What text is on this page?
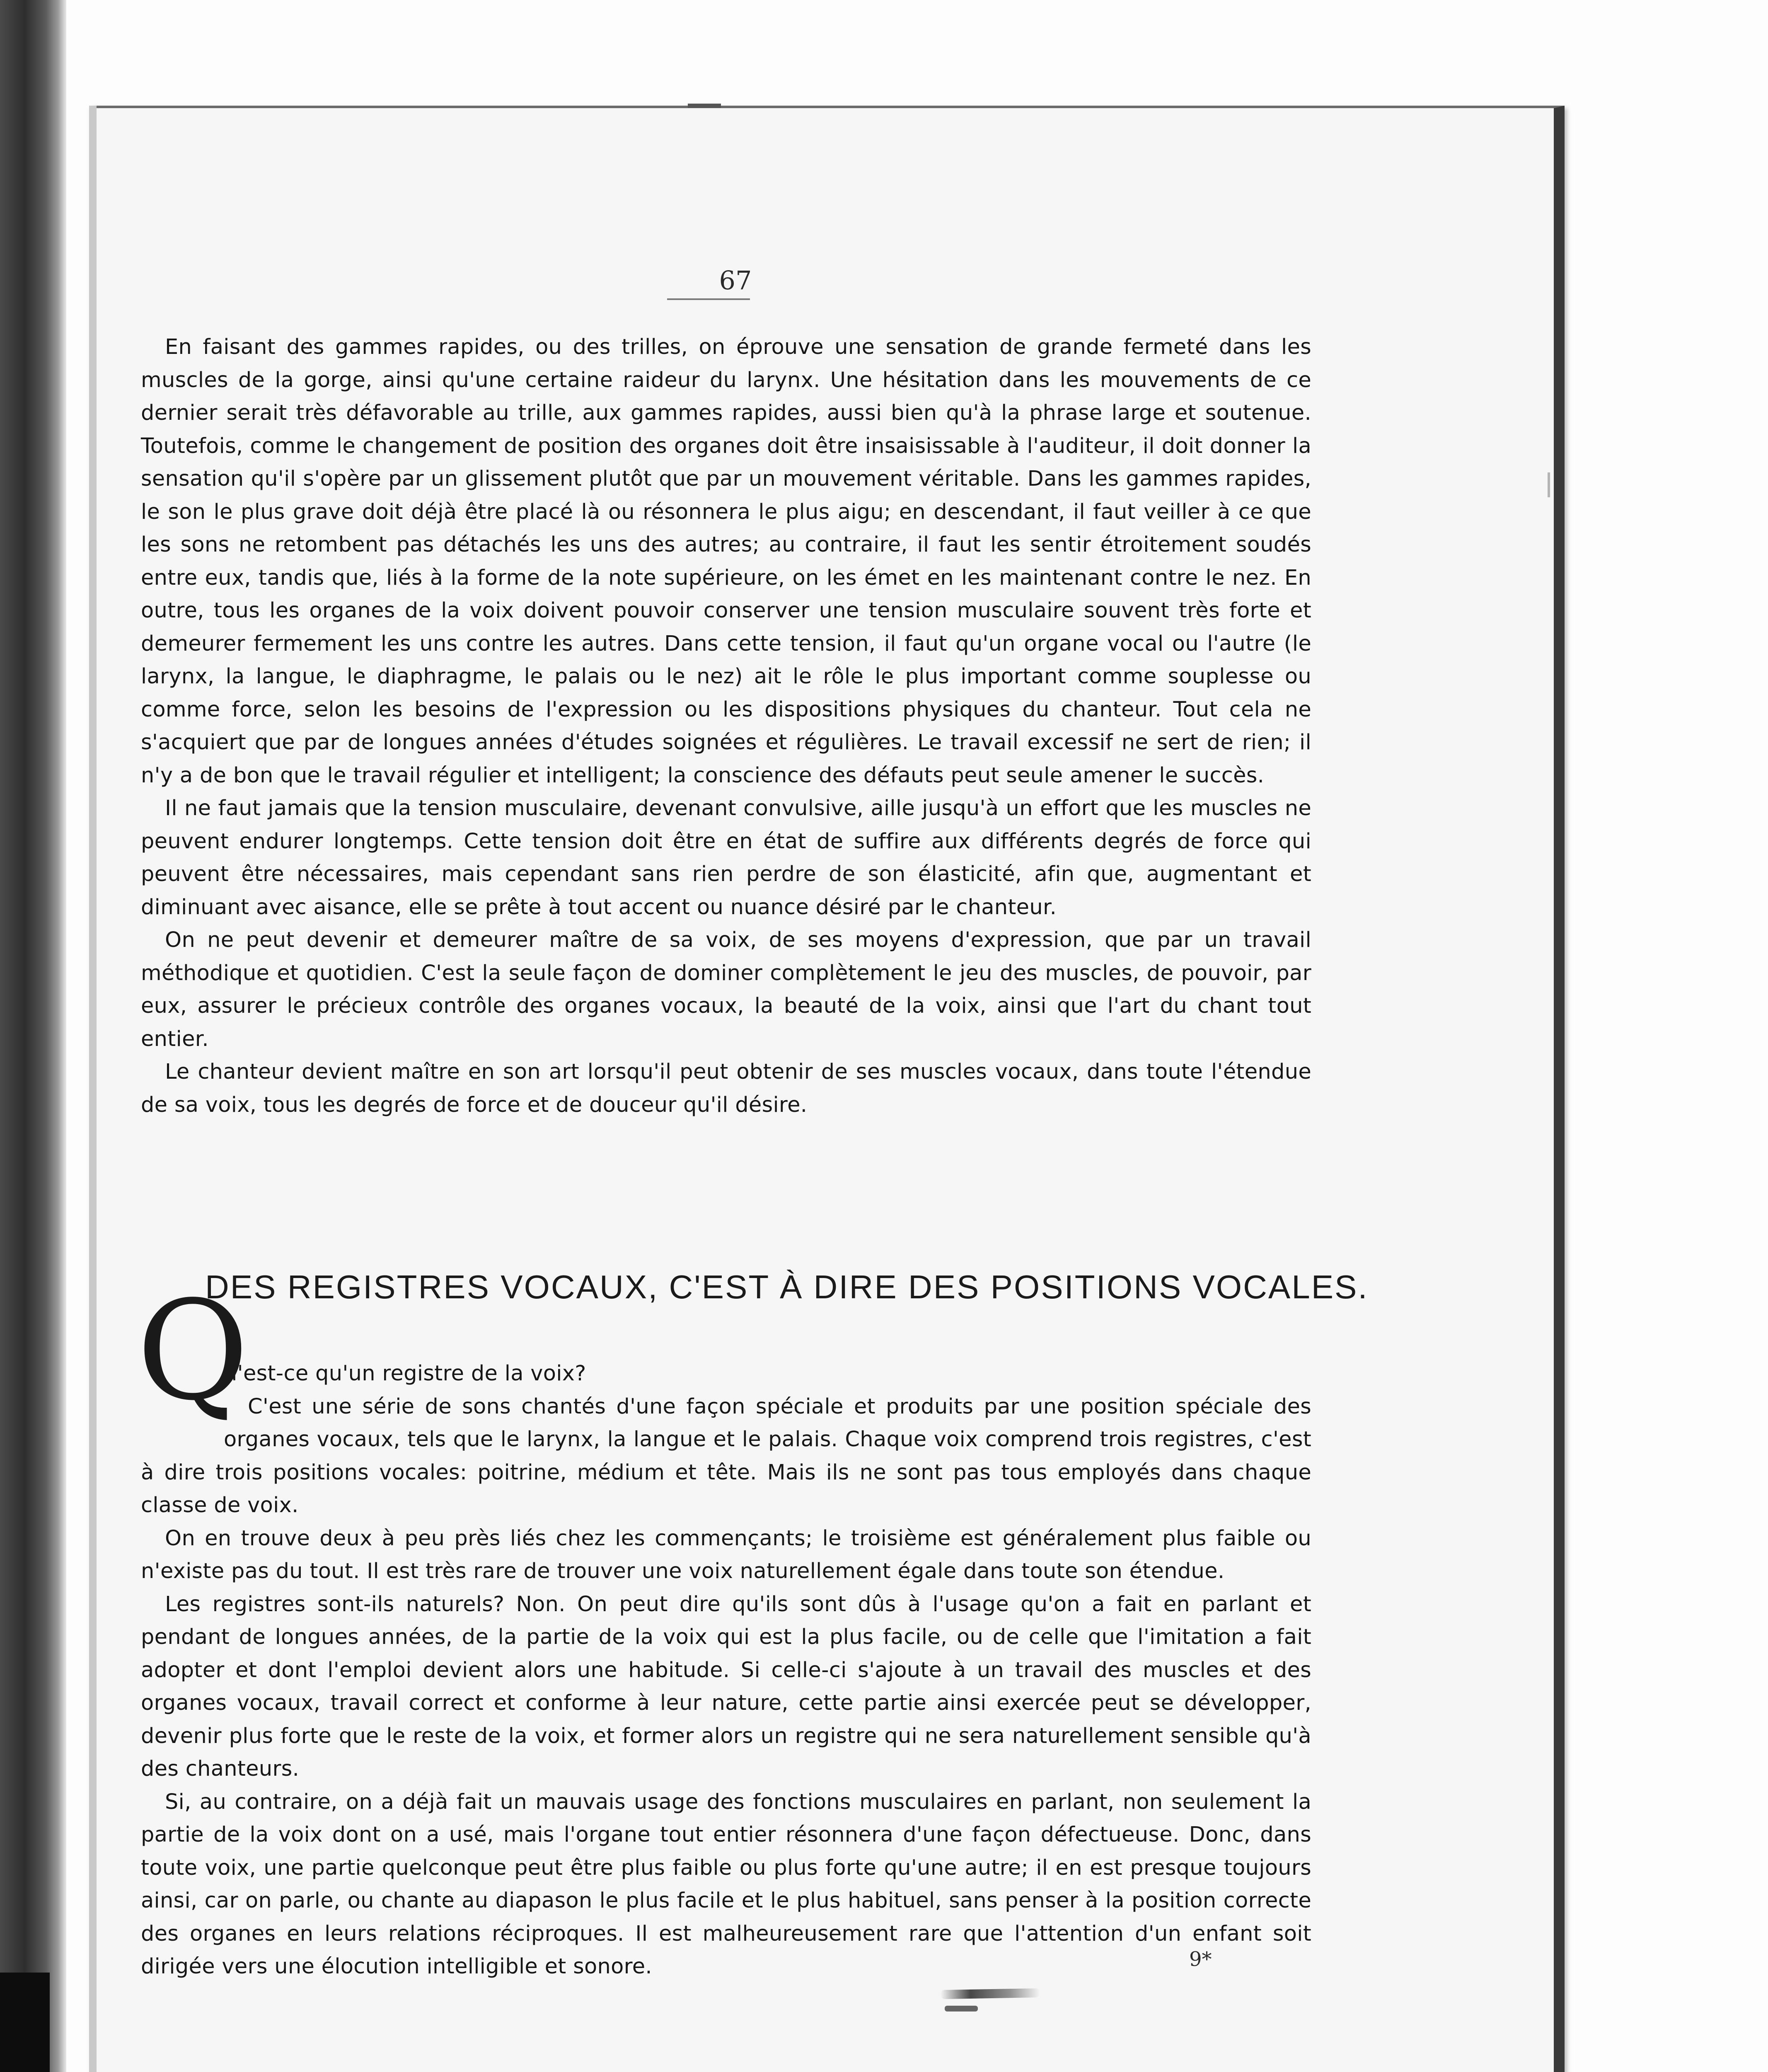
67

En faisant des gammes rapides, ou des trilles, on éprouve une sensation de grande fermeté dans les muscles de la gorge, ainsi qu'une certaine raideur du larynx. Une hésitation dans les mouvements de ce dernier serait très défavorable au trille, aux gammes rapides, aussi bien qu'à la phrase large et soutenue. Toutefois, comme le changement de position des organes doit être insaisissable à l'auditeur, il doit donner la sensation qu'il s'opère par un glissement plutôt que par un mouvement véritable. Dans les gammes rapides, le son le plus grave doit déjà être placé là ou résonnera le plus aigu; en descendant, il faut veiller à ce que les sons ne retombent pas détachés les uns des autres; au contraire, il faut les sentir étroitement soudés entre eux, tandis que, liés à la forme de la note supérieure, on les émet en les maintenant contre le nez. En outre, tous les organes de la voix doivent pouvoir conserver une tension musculaire souvent très forte et demeurer fermement les uns contre les autres. Dans cette tension, il faut qu'un organe vocal ou l'autre (le larynx, la langue, le diaphragme, le palais ou le nez) ait le rôle le plus important comme souplesse ou comme force, selon les besoins de l'expression ou les dispositions physiques du chanteur. Tout cela ne s'acquiert que par de longues années d'études soignées et régulières. Le travail excessif ne sert de rien; il n'y a de bon que le travail régulier et intelligent; la conscience des défauts peut seule amener le succès.

Il ne faut jamais que la tension musculaire, devenant convulsive, aille jusqu'à un effort que les muscles ne peuvent endurer longtemps. Cette tension doit être en état de suffire aux différents degrés de force qui peuvent être nécessaires, mais cependant sans rien perdre de son élasticité, afin que, augmentant et diminuant avec aisance, elle se prête à tout accent ou nuance désiré par le chanteur.

On ne peut devenir et demeurer maître de sa voix, de ses moyens d'expression, que par un travail méthodique et quotidien. C'est la seule façon de dominer complètement le jeu des muscles, de pouvoir, par eux, assurer le précieux contrôle des organes vocaux, la beauté de la voix, ainsi que l'art du chant tout entier.

Le chanteur devient maître en son art lorsqu'il peut obtenir de ses muscles vocaux, dans toute l'étendue de sa voix, tous les degrés de force et de douceur qu'il désire.

DES REGISTRES VOCAUX, C'EST À DIRE DES POSITIONS VOCALES.

u'est-ce qu'un registre de la voix?

C'est une série de sons chantés d'une façon spéciale et produits par une position spéciale des organes vocaux, tels que le larynx, la langue et le palais. Chaque voix comprend trois registres, c'est à dire trois positions vocales: poitrine, médium et tête. Mais ils ne sont pas tous employés dans chaque classe de voix.

On en trouve deux à peu près liés chez les commençants; le troisième est généralement plus faible ou n'existe pas du tout. Il est très rare de trouver une voix naturellement égale dans toute son étendue.

Les registres sont-ils naturels? Non. On peut dire qu'ils sont dûs à l'usage qu'on a fait en parlant et pendant de longues années, de la partie de la voix qui est la plus facile, ou de celle que l'imitation a fait adopter et dont l'emploi devient alors une habitude. Si celle-ci s'ajoute à un travail des muscles et des organes vocaux, travail correct et conforme à leur nature, cette partie ainsi exercée peut se développer, devenir plus forte que le reste de la voix, et former alors un registre qui ne sera naturellement sensible qu'à des chanteurs.

Si, au contraire, on a déjà fait un mauvais usage des fonctions musculaires en parlant, non seulement la partie de la voix dont on a usé, mais l'organe tout entier résonnera d'une façon défectueuse. Donc, dans toute voix, une partie quelconque peut être plus faible ou plus forte qu'une autre; il en est presque toujours ainsi, car on parle, ou chante au diapason le plus facile et le plus habituel, sans penser à la position correcte des organes en leurs relations réciproques. Il est malheureusement rare que l'attention d'un enfant soit dirigée vers une élocution intelligible et sonore.

Q
9*
